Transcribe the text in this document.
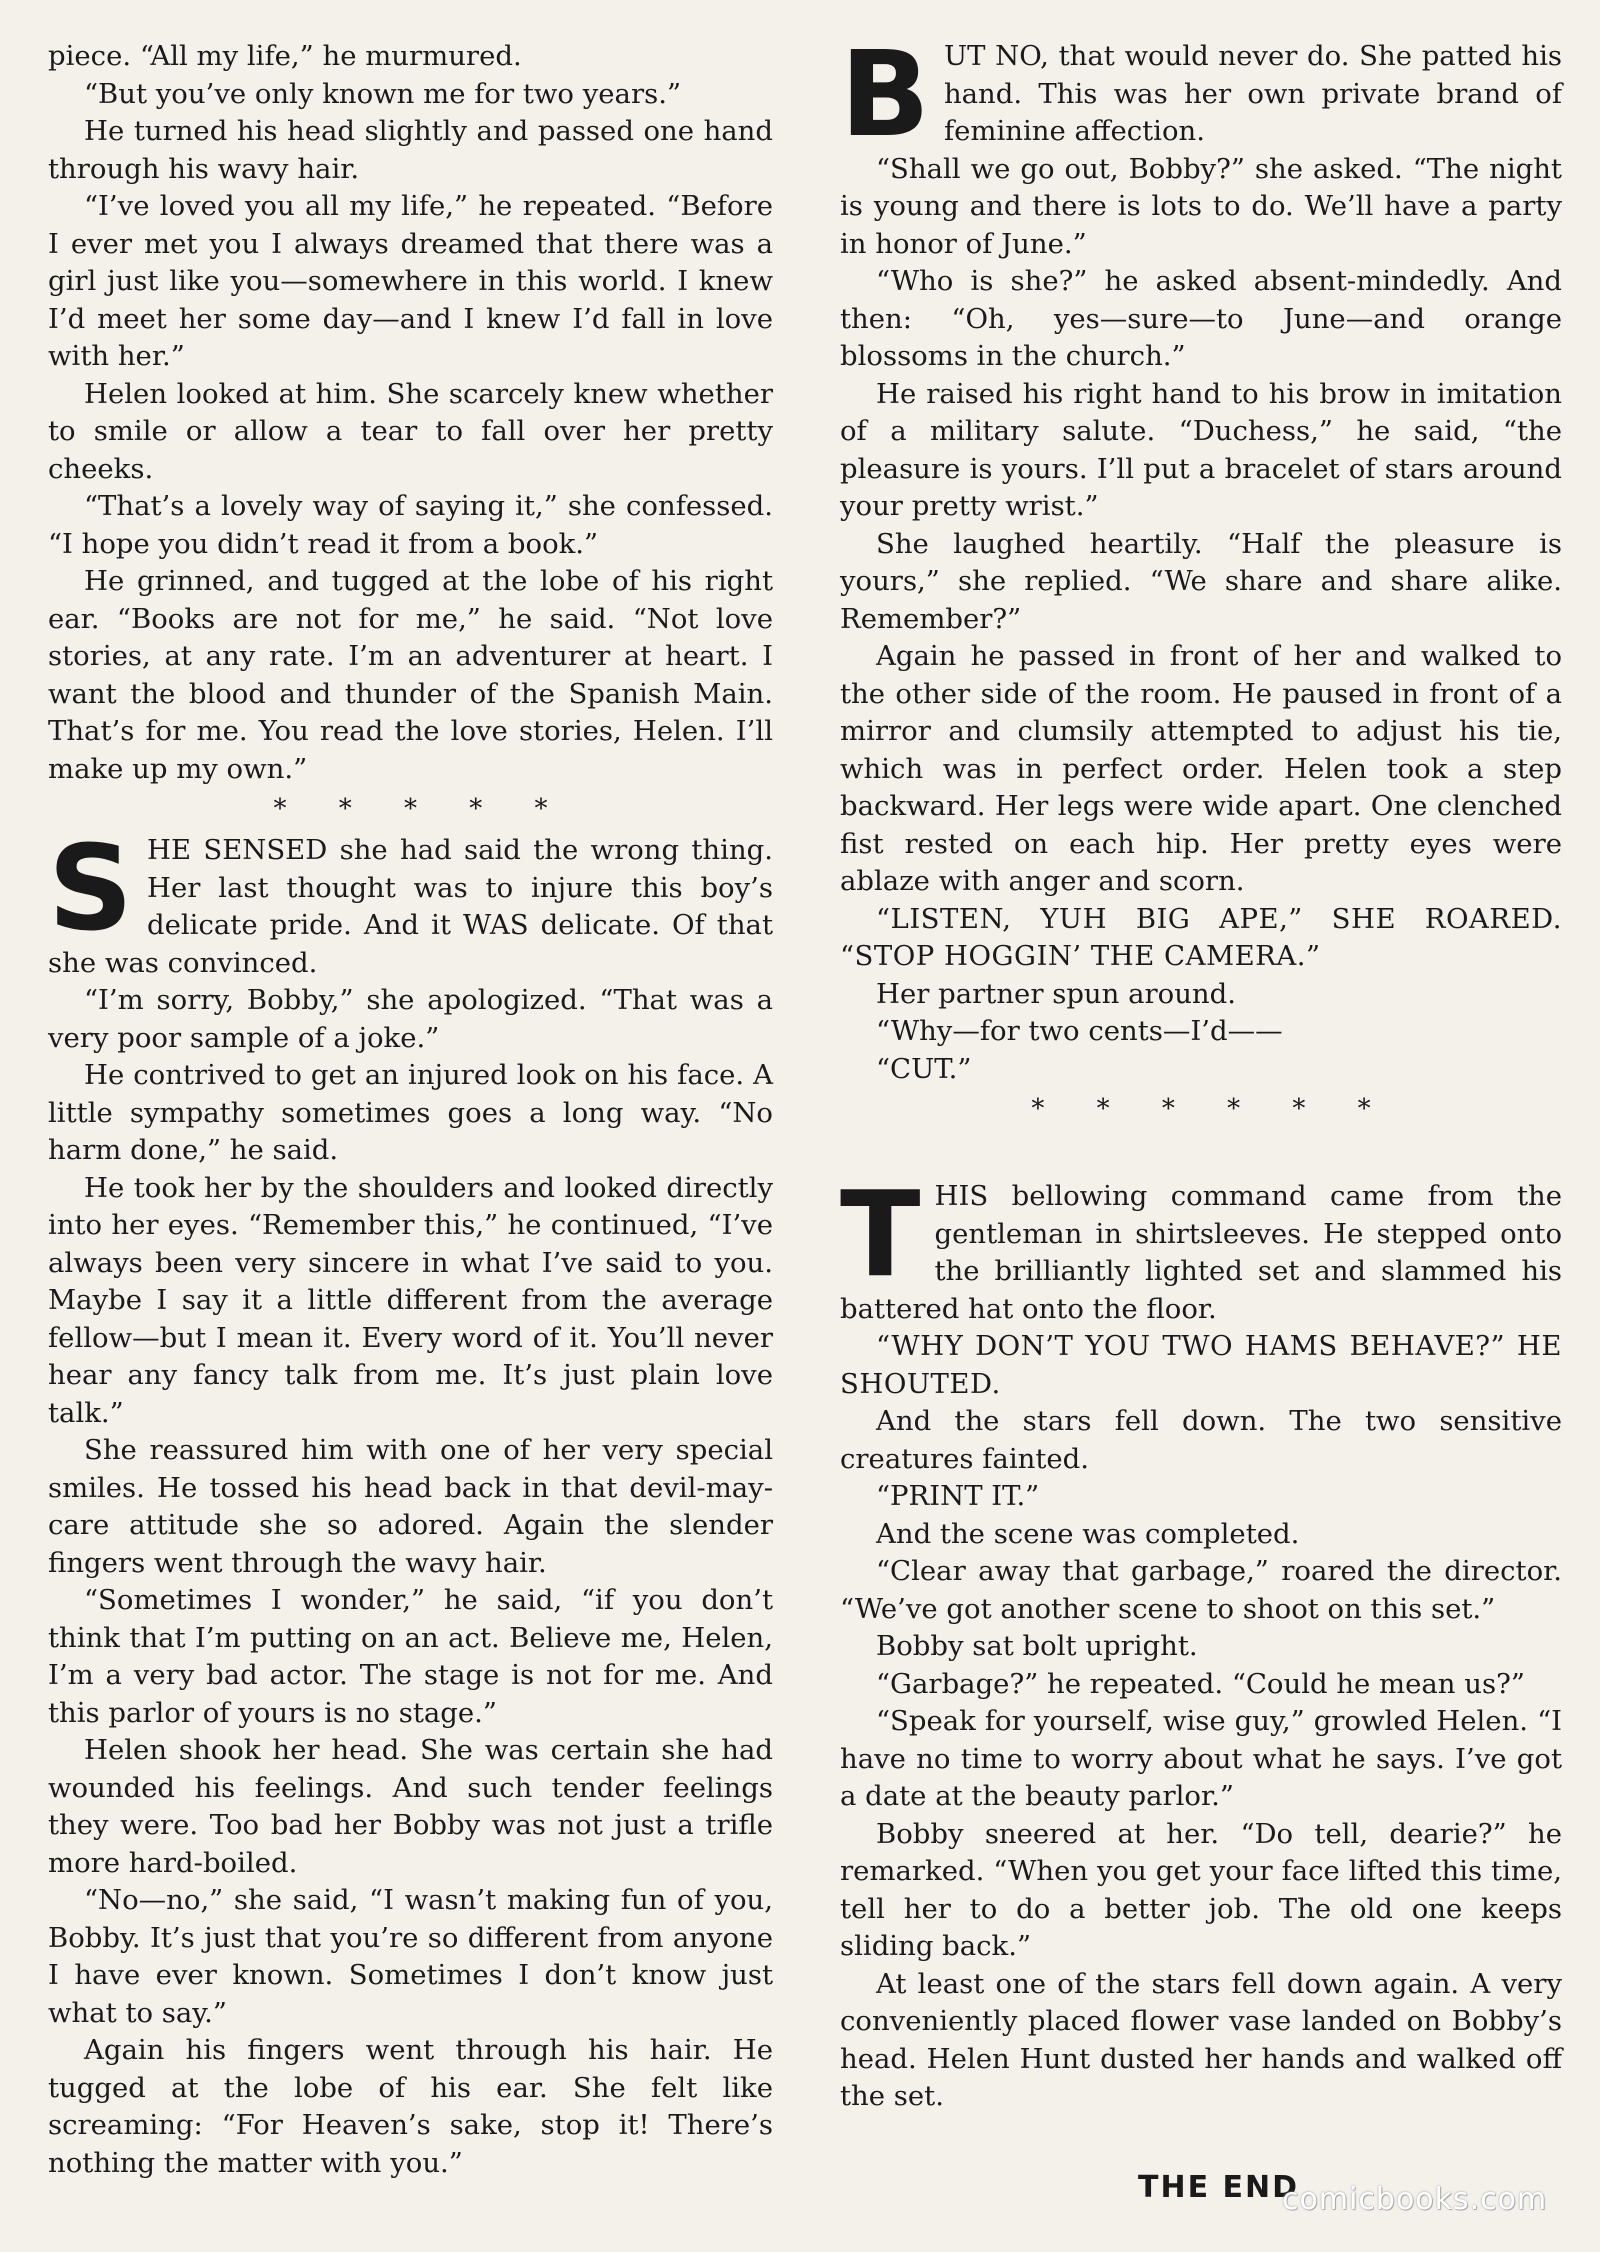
piece. “All my life,” he murmured.

“But you’ve only known me for two years.”

He turned his head slightly and passed one hand through his wavy hair.

“I’ve loved you all my life,” he repeated. “Before I ever met you I always dreamed that there was a girl just like you—somewhere in this world. I knew I’d meet her some day—and I knew I’d fall in love with her.”

Helen looked at him. She scarcely knew whether to smile or allow a tear to fall over her pretty cheeks.

“That’s a lovely way of saying it,” she confessed. “I hope you didn’t read it from a book.”

He grinned, and tugged at the lobe of his right ear. “Books are not for me,” he said. “Not love stories, at any rate. I’m an adventurer at heart. I want the blood and thunder of the Spanish Main. That’s for me. You read the love stories, Helen. I’ll make up my own.”

* * * * *
S HE SENSED she had said the wrong thing. Her last thought was to injure this boy’s delicate pride. And it WAS delicate. Of that she was convinced.

“I’m sorry, Bobby,” she apologized. “That was a very poor sample of a joke.”

He contrived to get an injured look on his face. A little sympathy sometimes goes a long way. “No harm done,” he said.

He took her by the shoulders and looked directly into her eyes. “Remember this,” he continued, “I’ve always been very sincere in what I’ve said to you. Maybe I say it a little different from the average fellow—but I mean it. Every word of it. You’ll never hear any fancy talk from me. It’s just plain love talk.”

She reassured him with one of her very special smiles. He tossed his head back in that devil-may-care attitude she so adored. Again the slender fingers went through the wavy hair.

“Sometimes I wonder,” he said, “if you don’t think that I’m putting on an act. Believe me, Helen, I’m a very bad actor. The stage is not for me. And this parlor of yours is no stage.”

Helen shook her head. She was certain she had wounded his feelings. And such tender feelings they were. Too bad her Bobby was not just a trifle more hard-boiled.

“No—no,” she said, “I wasn’t making fun of you, Bobby. It’s just that you’re so different from anyone I have ever known. Sometimes I don’t know just what to say.”

Again his fingers went through his hair. He tugged at the lobe of his ear. She felt like screaming: “For Heaven’s sake, stop it! There’s nothing the matter with you.”

B UT NO, that would never do. She patted his hand. This was her own private brand of feminine affection.

“Shall we go out, Bobby?” she asked. “The night is young and there is lots to do. We’ll have a party in honor of June.”

“Who is she?” he asked absent-mindedly. And then: “Oh, yes—sure—to June—and orange blossoms in the church.”

He raised his right hand to his brow in imitation of a military salute. “Duchess,” he said, “the pleasure is yours. I’ll put a bracelet of stars around your pretty wrist.”

She laughed heartily. “Half the pleasure is yours,” she replied. “We share and share alike. Remember?”

Again he passed in front of her and walked to the other side of the room. He paused in front of a mirror and clumsily attempted to adjust his tie, which was in perfect order. Helen took a step backward. Her legs were wide apart. One clenched fist rested on each hip. Her pretty eyes were ablaze with anger and scorn.

“LISTEN, YUH BIG APE,” SHE ROARED. “STOP HOGGIN’ THE CAMERA.”

Her partner spun around.

“Why—for two cents—I’d——

“CUT.”

* * * * * *
T HIS bellowing command came from the gentleman in shirtsleeves. He stepped onto the brilliantly lighted set and slammed his battered hat onto the floor.

“WHY DON’T YOU TWO HAMS BEHAVE?” HE SHOUTED.

And the stars fell down. The two sensitive creatures fainted.

“PRINT IT.”

And the scene was completed.

“Clear away that garbage,” roared the director. “We’ve got another scene to shoot on this set.”

Bobby sat bolt upright.

“Garbage?” he repeated. “Could he mean us?”

“Speak for yourself, wise guy,” growled Helen. “I have no time to worry about what he says. I’ve got a date at the beauty parlor.”

Bobby sneered at her. “Do tell, dearie?” he remarked. “When you get your face lifted this time, tell her to do a better job. The old one keeps sliding back.”

At least one of the stars fell down again. A very conveniently placed flower vase landed on Bobby’s head. Helen Hunt dusted her hands and walked off the set.

THE END
comicbooks.com
